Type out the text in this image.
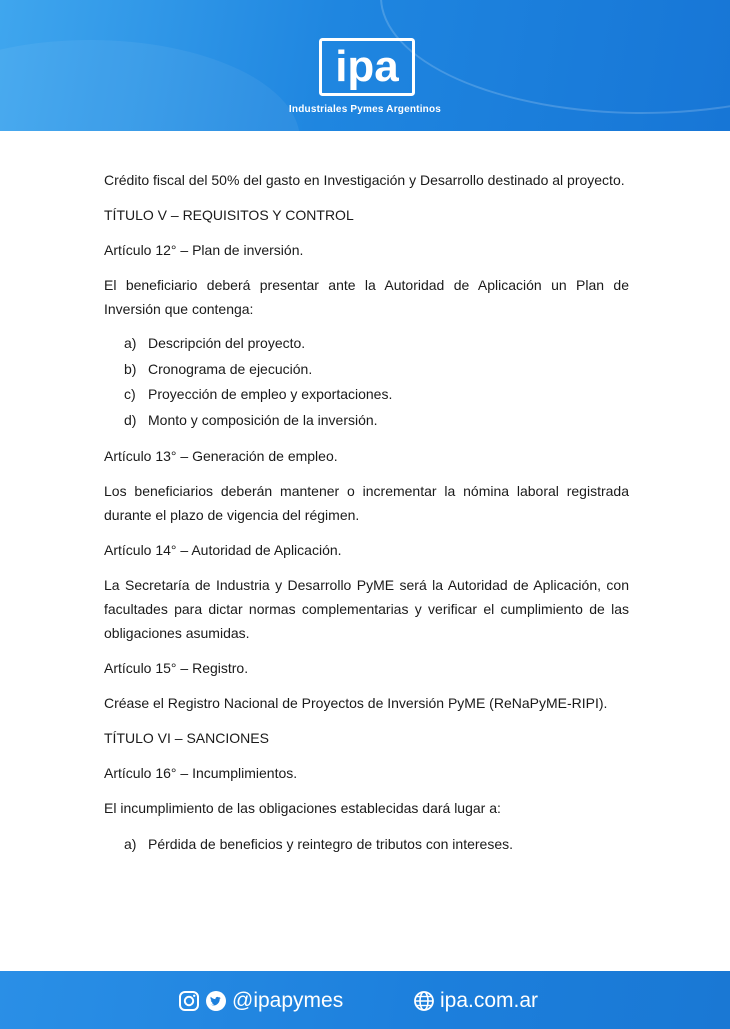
ipa
Industriales Pymes Argentinos

Crédito fiscal del 50% del gasto en Investigación y Desarrollo destinado al proyecto.

TÍTULO V – REQUISITOS Y CONTROL

Artículo 12° – Plan de inversión.

El beneficiario deberá presentar ante la Autoridad de Aplicación un Plan de Inversión que contenga:

a) Descripción del proyecto.
b) Cronograma de ejecución.
c) Proyección de empleo y exportaciones.
d) Monto y composición de la inversión.

Artículo 13° – Generación de empleo.

Los beneficiarios deberán mantener o incrementar la nómina laboral registrada durante el plazo de vigencia del régimen.

Artículo 14° – Autoridad de Aplicación.

La Secretaría de Industria y Desarrollo PyME será la Autoridad de Aplicación, con facultades para dictar normas complementarias y verificar el cumplimiento de las obligaciones asumidas.

Artículo 15° – Registro.

Créase el Registro Nacional de Proyectos de Inversión PyME (ReNaPyME-RIPI).

TÍTULO VI – SANCIONES

Artículo 16° – Incumplimientos.

El incumplimiento de las obligaciones establecidas dará lugar a:

a) Pérdida de beneficios y reintegro de tributos con intereses.
@ipapymes	ipa.com.ar
